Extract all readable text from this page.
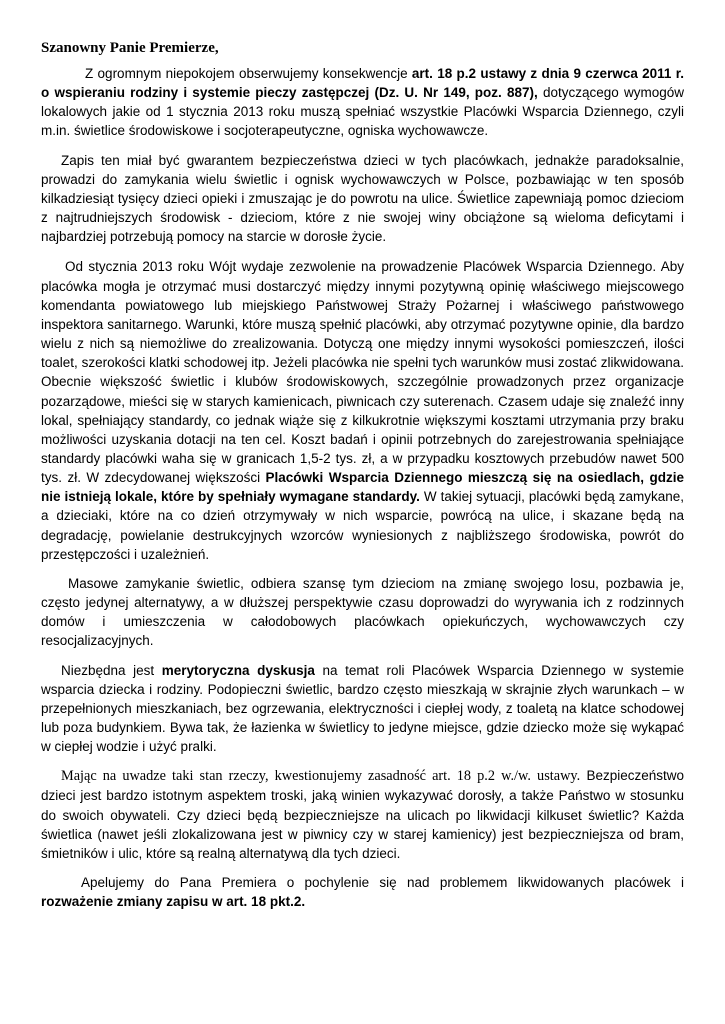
Szanowny Panie Premierze,

Z ogromnym niepokojem obserwujemy konsekwencje art. 18 p.2 ustawy z dnia 9 czerwca 2011 r. o wspieraniu rodziny i systemie pieczy zastępczej (Dz. U. Nr 149, poz. 887), dotyczącego wymogów lokalowych jakie od 1 stycznia 2013 roku muszą spełniać wszystkie Placówki Wsparcia Dziennego, czyli m.in. świetlice środowiskowe i socjoterapeutyczne, ogniska wychowawcze.

Zapis ten miał być gwarantem bezpieczeństwa dzieci w tych placówkach, jednakże paradoksalnie, prowadzi do zamykania wielu świetlic i ognisk wychowawczych w Polsce, pozbawiając w ten sposób kilkadziesiąt tysięcy dzieci opieki i zmuszając je do powrotu na ulice. Świetlice zapewniają pomoc dzieciom z najtrudniejszych środowisk - dzieciom, które z nie swojej winy obciążone są wieloma deficytami i najbardziej potrzebują pomocy na starcie w dorosłe życie.

Od stycznia 2013 roku Wójt wydaje zezwolenie na prowadzenie Placówek Wsparcia Dziennego. Aby placówka mogła je otrzymać musi dostarczyć między innymi pozytywną opinię właściwego miejscowego komendanta powiatowego lub miejskiego Państwowej Straży Pożarnej i właściwego państwowego inspektora sanitarnego. Warunki, które muszą spełnić placówki, aby otrzymać pozytywne opinie, dla bardzo wielu z nich są niemożliwe do zrealizowania. Dotyczą one między innymi wysokości pomieszczeń, ilości toalet, szerokości klatki schodowej itp. Jeżeli placówka nie spełni tych warunków musi zostać zlikwidowana. Obecnie większość świetlic i klubów środowiskowych, szczególnie prowadzonych przez organizacje pozarządowe, mieści się w starych kamienicach, piwnicach czy suterenach. Czasem udaje się znaleźć inny lokal, spełniający standardy, co jednak wiąże się z kilkukrotnie większymi kosztami utrzymania przy braku możliwości uzyskania dotacji na ten cel. Koszt badań i opinii potrzebnych do zarejestrowania spełniające standardy placówki waha się w granicach 1,5-2 tys. zł, a w przypadku kosztowych przebudów nawet 500 tys. zł. W zdecydowanej większości Placówki Wsparcia Dziennego mieszczą się na osiedlach, gdzie nie istnieją lokale, które by spełniały wymagane standardy. W takiej sytuacji, placówki będą zamykane, a dzieciaki, które na co dzień otrzymywały w nich wsparcie, powrócą na ulice, i skazane będą na degradację, powielanie destrukcyjnych wzorców wyniesionych z najbliższego środowiska, powrót do przestępczości i uzależnień.

Masowe zamykanie świetlic, odbiera szansę tym dzieciom na zmianę swojego losu, pozbawia je, często jedynej alternatywy, a w dłuższej perspektywie czasu doprowadzi do wyrywania ich z rodzinnych domów i umieszczenia w całodobowych placówkach opiekuńczych, wychowawczych czy resocjalizacyjnych.

Niezbędna jest merytoryczna dyskusja na temat roli Placówek Wsparcia Dziennego w systemie wsparcia dziecka i rodziny. Podopieczni świetlic, bardzo często mieszkają w skrajnie złych warunkach – w przepełnionych mieszkaniach, bez ogrzewania, elektryczności i ciepłej wody, z toaletą na klatce schodowej lub poza budynkiem. Bywa tak, że łazienka w świetlicy to jedyne miejsce, gdzie dziecko może się wykąpać w ciepłej wodzie i użyć pralki.

Mając na uwadze taki stan rzeczy, kwestionujemy zasadność art. 18 p.2 w./w. ustawy. Bezpieczeństwo dzieci jest bardzo istotnym aspektem troski, jaką winien wykazywać dorosły, a także Państwo w stosunku do swoich obywateli. Czy dzieci będą bezpieczniejsze na ulicach po likwidacji kilkuset świetlic? Każda świetlica (nawet jeśli zlokalizowana jest w piwnicy czy w starej kamienicy) jest bezpieczniejsza od bram, śmietników i ulic, które są realną alternatywą dla tych dzieci.

Apelujemy do Pana Premiera o pochylenie się nad problemem likwidowanych placówek i rozważenie zmiany zapisu w art. 18 pkt.2.
